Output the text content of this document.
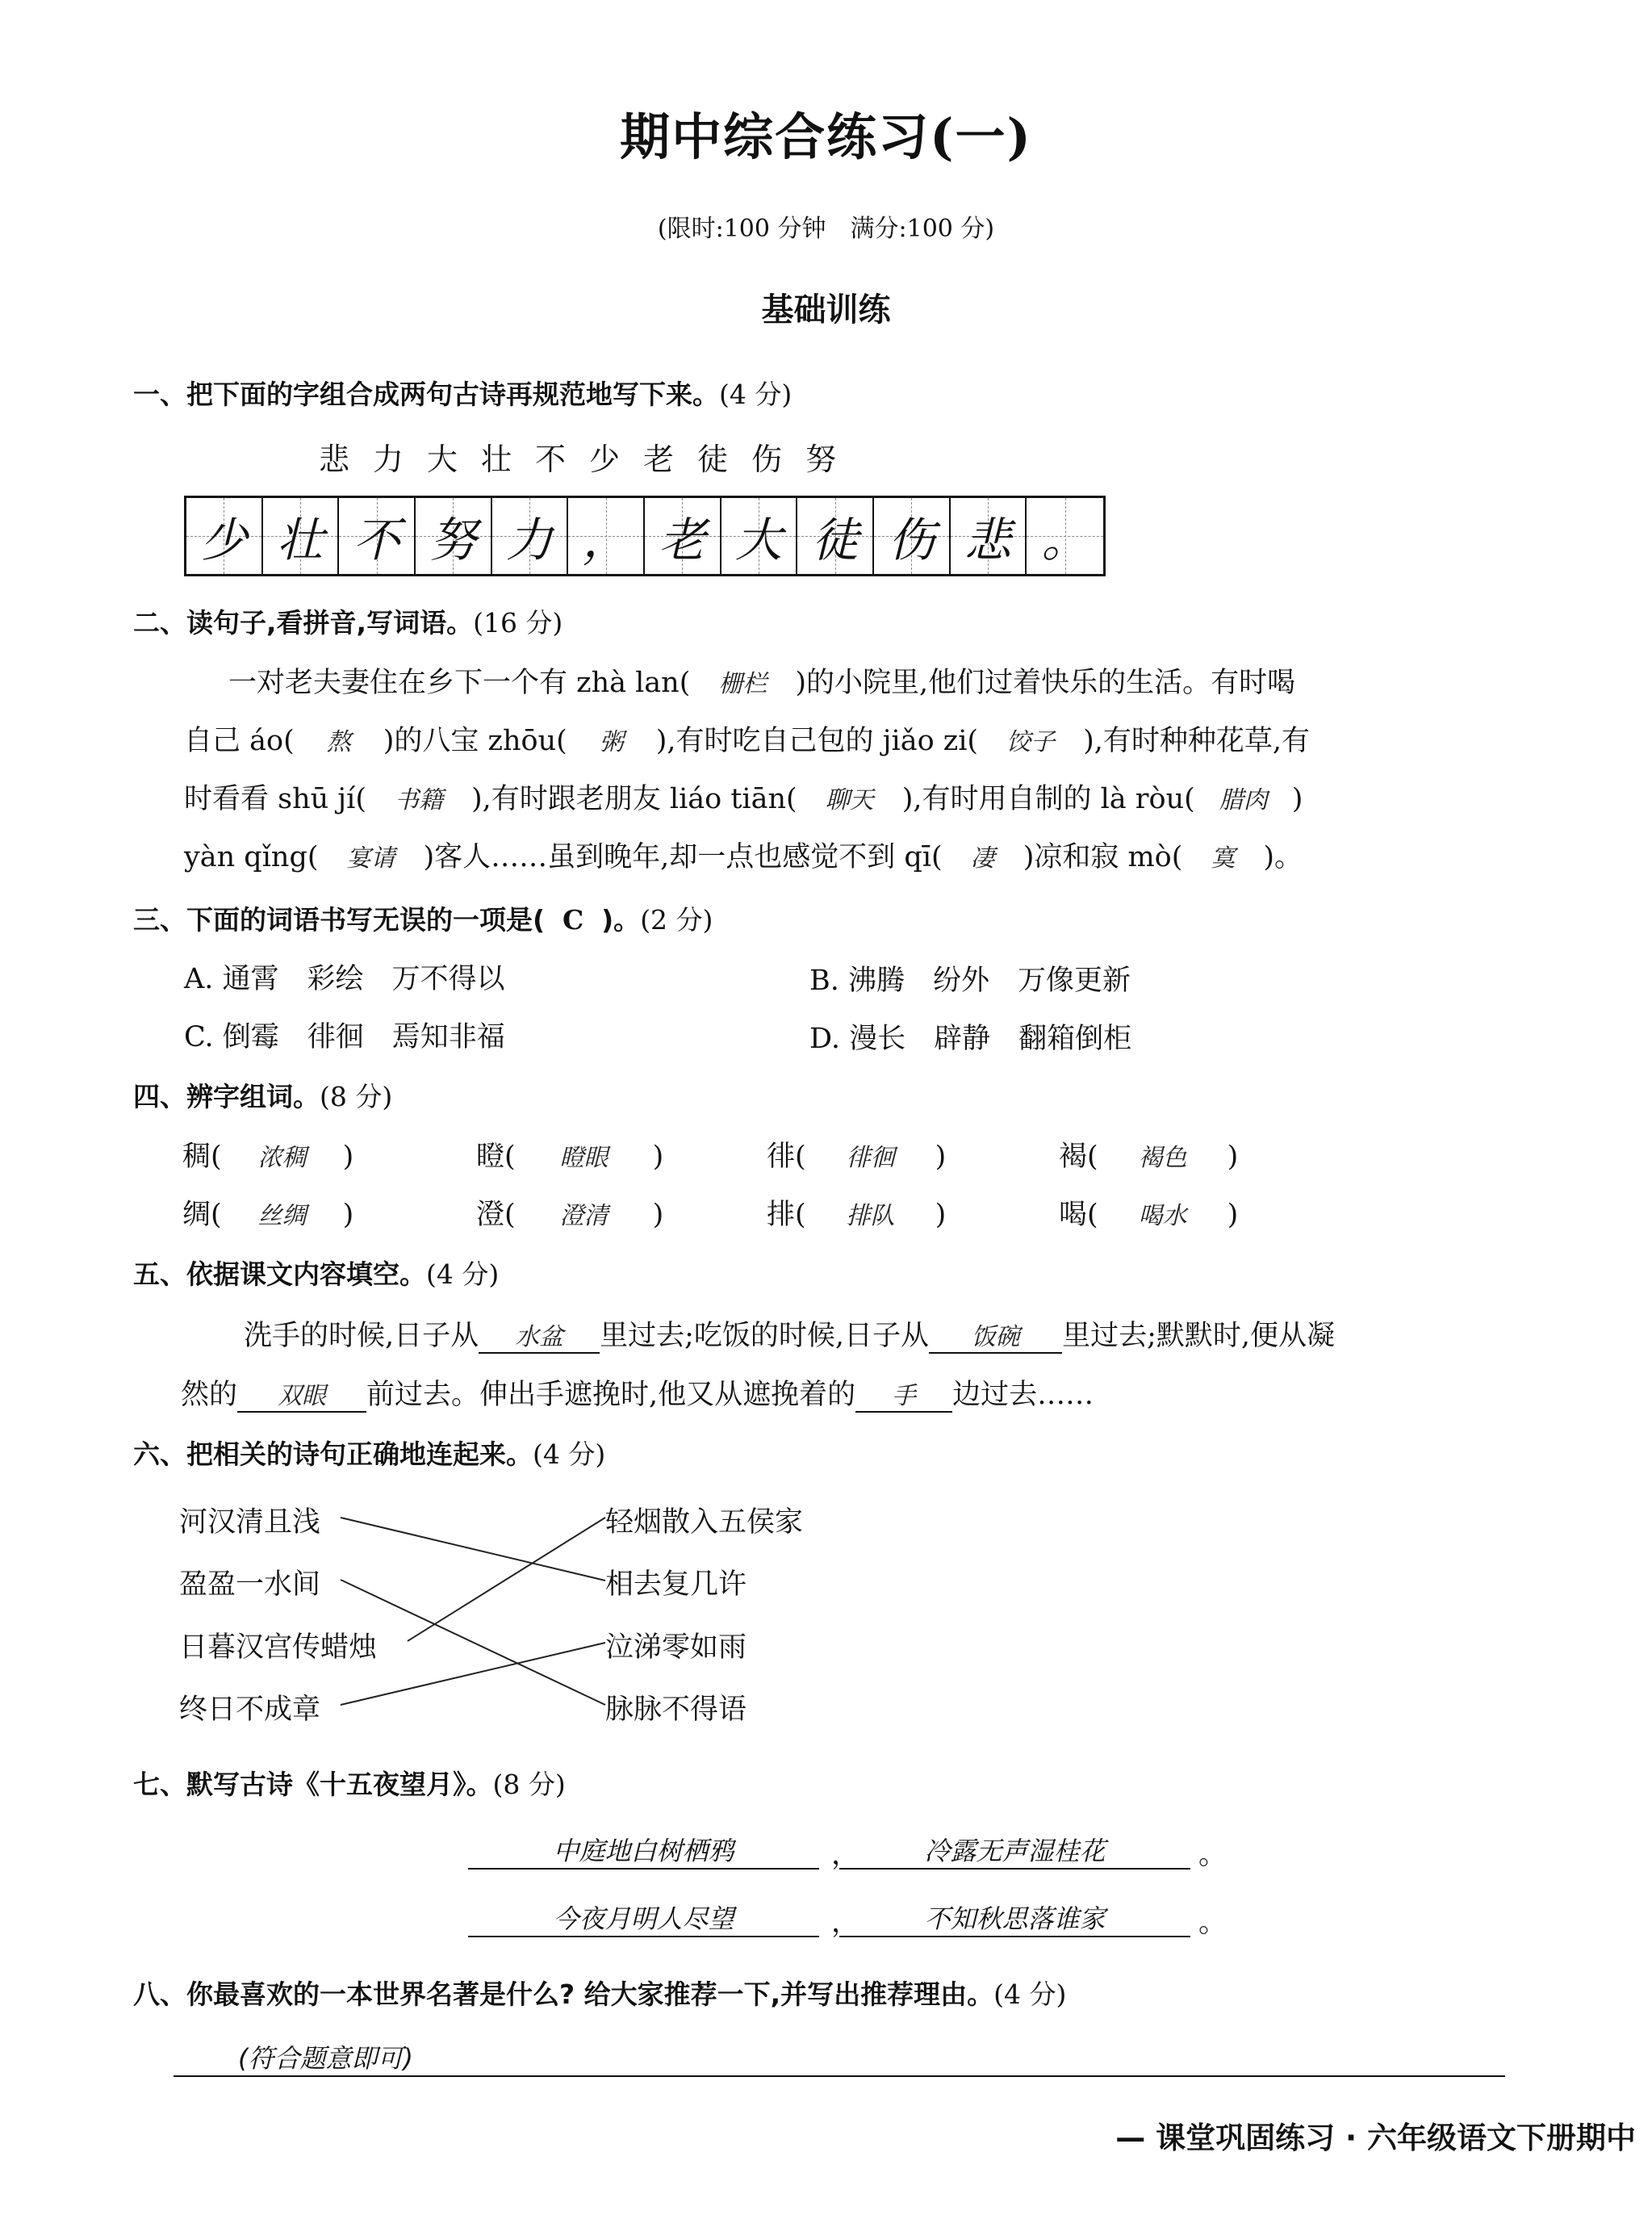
期中综合练习(一)
(限时:100 分钟　满分:100 分)
基础训练
一、把下面的字组合成两句古诗再规范地写下来。(4 分)
悲力大壮不少老徒伤努
少 壮 不 努 力 ， 老 大 徒 伤 悲 。
二、读句子,看拼音,写词语。(16 分)
一对老夫妻住在乡下一个有 zhà lan( 栅栏 )的小院里,他们过着快乐的生活。有时喝
自己 áo( 熬 )的八宝 zhōu( 粥 ),有时吃自己包的 jiǎo zi( 饺子 ),有时种种花草,有
时看看 shū jí( 书籍 ),有时跟老朋友 liáo tiān( 聊天 ),有时用自制的 là ròu( 腊肉 )
yàn qǐng( 宴请 )客人……虽到晚年,却一点也感觉不到 qī( 凄 )凉和寂 mò( 寞 )。
三、下面的词语书写无误的一项是( C )。(2 分)
A. 通霄　彩绘　万不得以	B. 沸腾　纷外　万像更新
C. 倒霉　徘徊　焉知非福	D. 漫长　辟静　翻箱倒柜
四、辨字组词。(8 分)
稠( 浓稠 )	瞪( 瞪眼 )	徘( 徘徊 )	褐( 褐色 )
绸( 丝绸 )	澄( 澄清 )	排( 排队 )	喝( 喝水 )
五、依据课文内容填空。(4 分)
洗手的时候,日子从 水盆 里过去;吃饭的时候,日子从 饭碗 里过去;默默时,便从凝
然的 双眼 前过去。伸出手遮挽时,他又从遮挽着的 手 边过去……
六、把相关的诗句正确地连起来。(4 分)
河汉清且浅
盈盈一水间
日暮汉宫传蜡烛
终日不成章
轻烟散入五侯家
相去复几许
泣涕零如雨
脉脉不得语
七、默写古诗《十五夜望月》。(8 分)
中庭地白树栖鸦	，	冷露无声湿桂花	。
今夜月明人尽望	，	不知秋思落谁家	。
八、你最喜欢的一本世界名著是什么? 给大家推荐一下,并写出推荐理由。(4 分)
(符合题意即可)
— 课堂巩固练习 · 六年级语文下册期中
